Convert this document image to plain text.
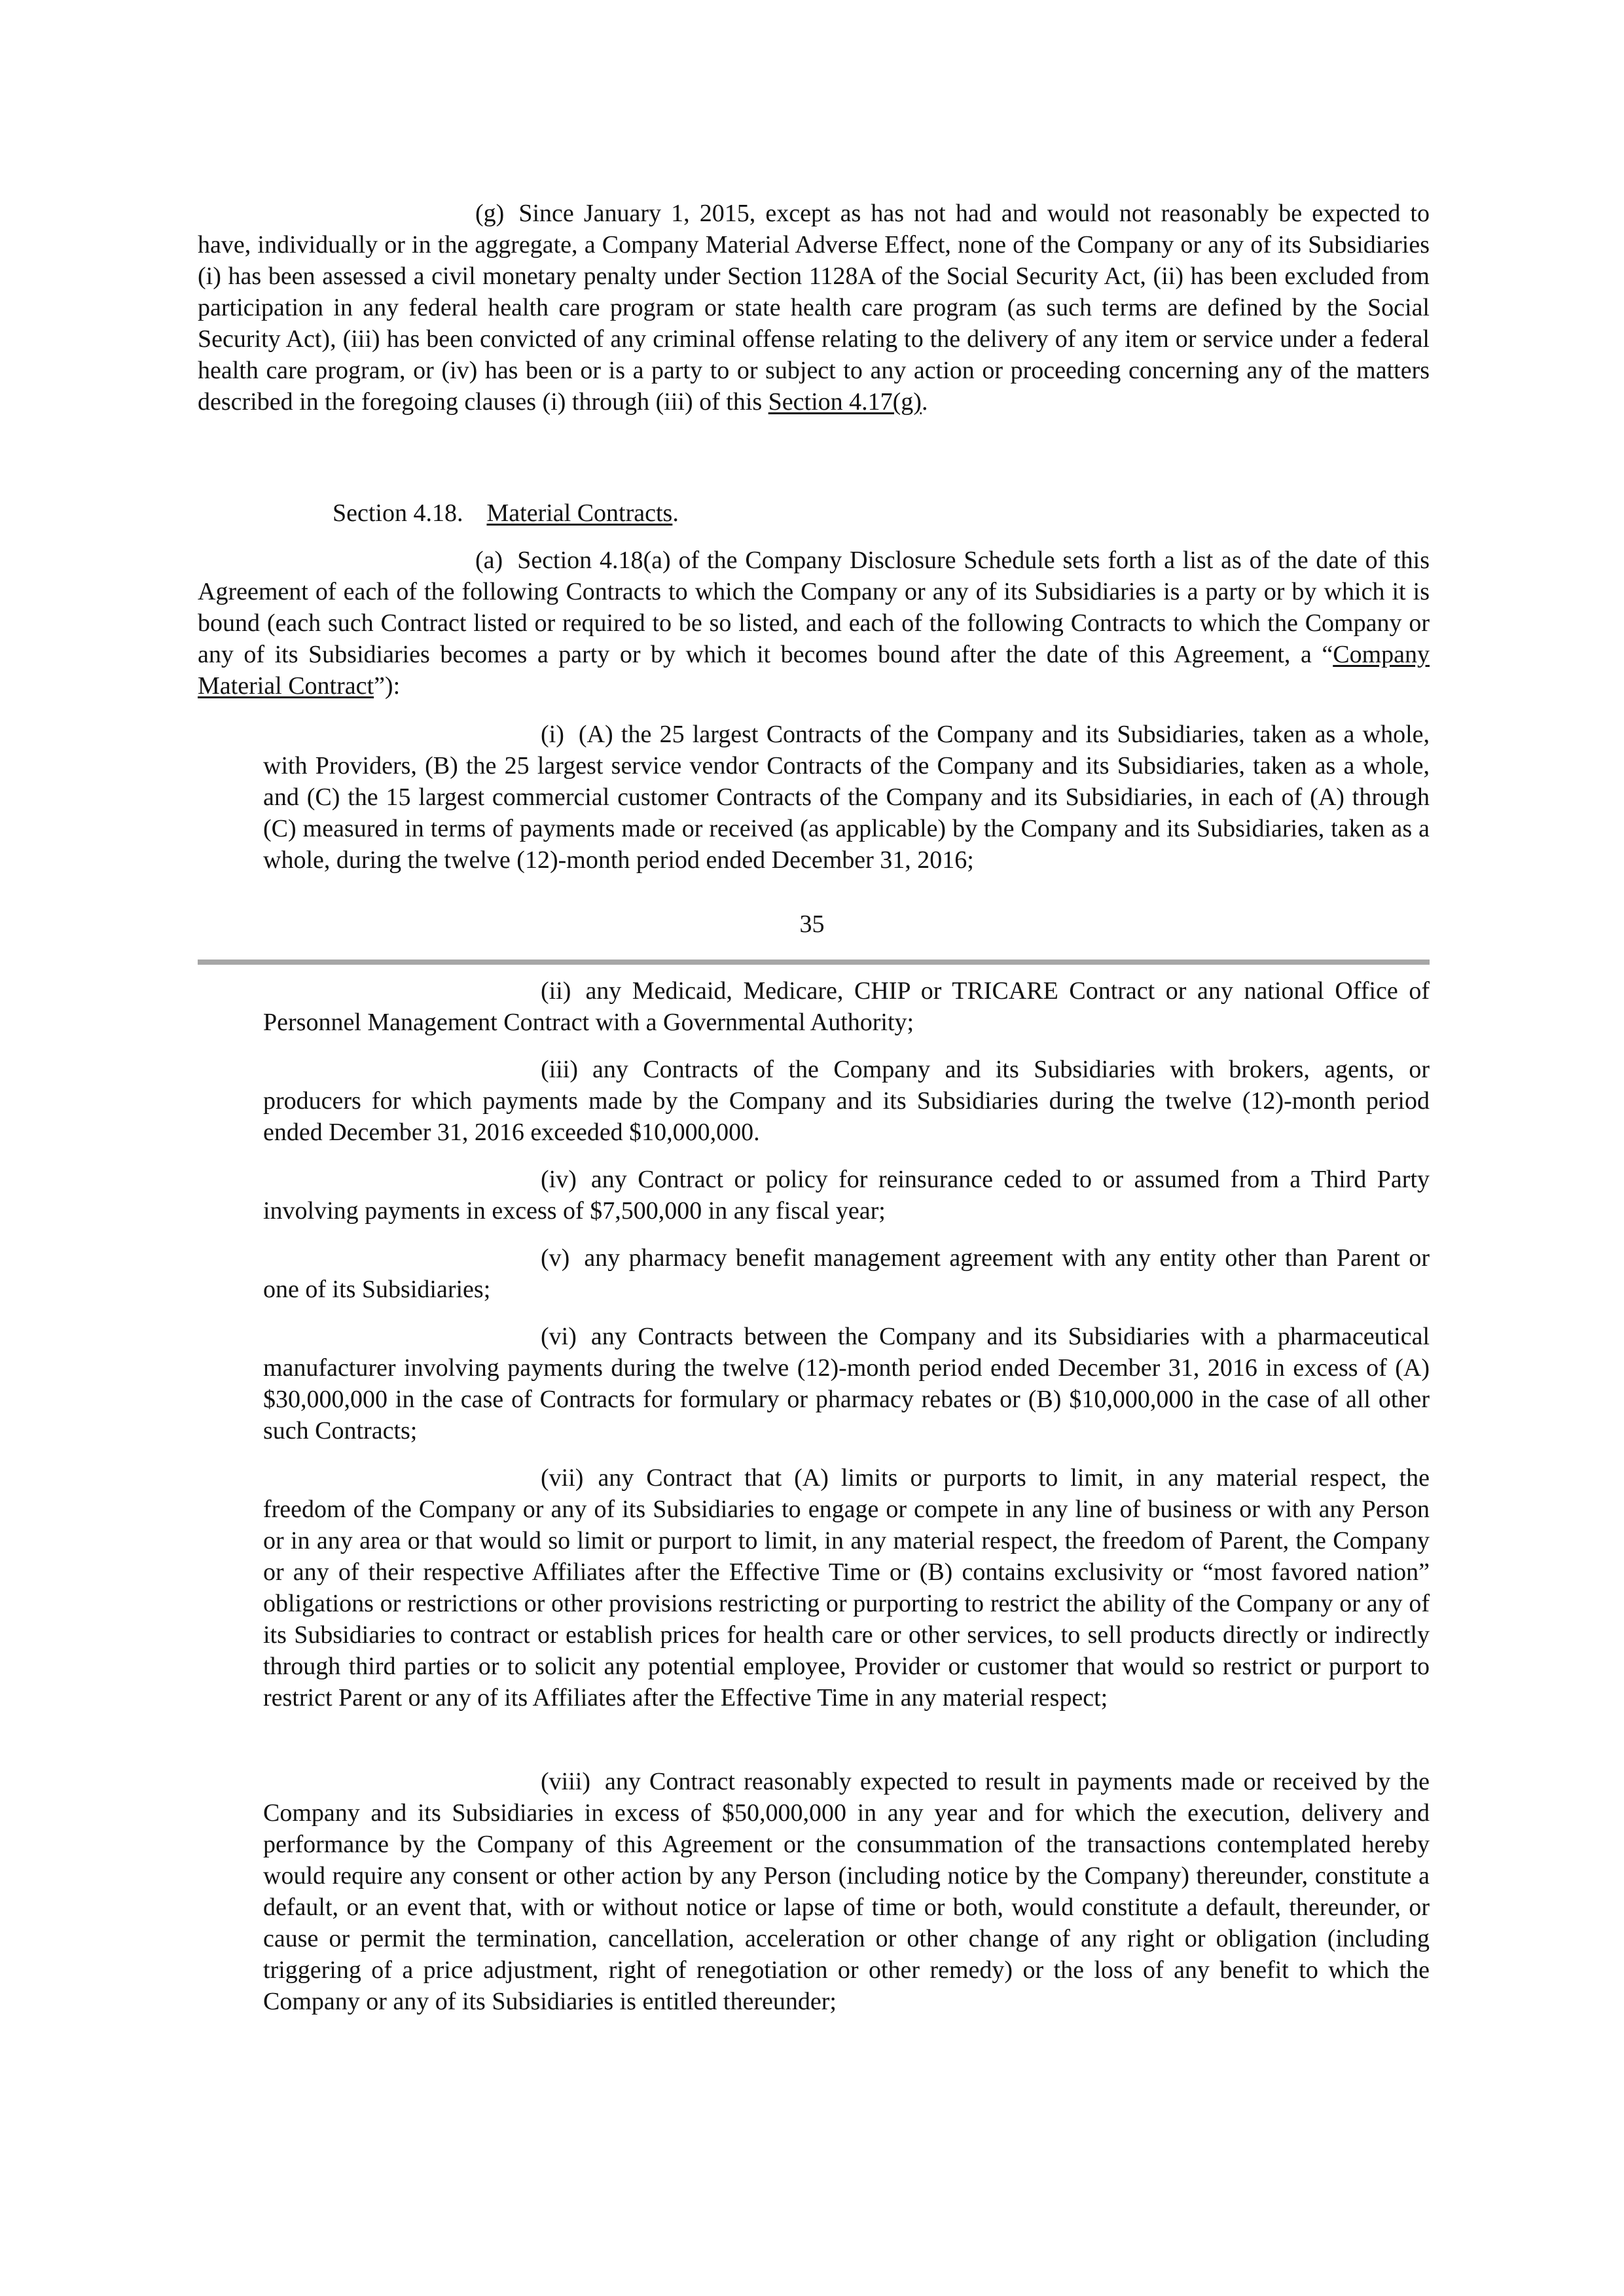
(g) Since January 1, 2015, except as has not had and would not reasonably be expected to have, individually or in the aggregate, a Company Material Adverse Effect, none of the Company or any of its Subsidiaries (i) has been assessed a civil monetary penalty under Section 1128A of the Social Security Act, (ii) has been excluded from participation in any federal health care program or state health care program (as such terms are defined by the Social Security Act), (iii) has been convicted of any criminal offense relating to the delivery of any item or service under a federal health care program, or (iv) has been or is a party to or subject to any action or proceeding concerning any of the matters described in the foregoing clauses (i) through (iii) of this Section 4.17(g).

Section 4.18. Material Contracts.

(a) Section 4.18(a) of the Company Disclosure Schedule sets forth a list as of the date of this Agreement of each of the following Contracts to which the Company or any of its Subsidiaries is a party or by which it is bound (each such Contract listed or required to be so listed, and each of the following Contracts to which the Company or any of its Subsidiaries becomes a party or by which it becomes bound after the date of this Agreement, a “Company Material Contract”):

(i) (A) the 25 largest Contracts of the Company and its Subsidiaries, taken as a whole, with Providers, (B) the 25 largest service vendor Contracts of the Company and its Subsidiaries, taken as a whole, and (C) the 15 largest commercial customer Contracts of the Company and its Subsidiaries, in each of (A) through (C) measured in terms of payments made or received (as applicable) by the Company and its Subsidiaries, taken as a whole, during the twelve (12)-month period ended December 31, 2016;

35

(ii) any Medicaid, Medicare, CHIP or TRICARE Contract or any national Office of Personnel Management Contract with a Governmental Authority;

(iii) any Contracts of the Company and its Subsidiaries with brokers, agents, or producers for which payments made by the Company and its Subsidiaries during the twelve (12)-month period ended December 31, 2016 exceeded $10,000,000.

(iv) any Contract or policy for reinsurance ceded to or assumed from a Third Party involving payments in excess of $7,500,000 in any fiscal year;

(v) any pharmacy benefit management agreement with any entity other than Parent or one of its Subsidiaries;

(vi) any Contracts between the Company and its Subsidiaries with a pharmaceutical manufacturer involving payments during the twelve (12)-month period ended December 31, 2016 in excess of (A) $30,000,000 in the case of Contracts for formulary or pharmacy rebates or (B) $10,000,000 in the case of all other such Contracts;

(vii) any Contract that (A) limits or purports to limit, in any material respect, the freedom of the Company or any of its Subsidiaries to engage or compete in any line of business or with any Person or in any area or that would so limit or purport to limit, in any material respect, the freedom of Parent, the Company or any of their respective Affiliates after the Effective Time or (B) contains exclusivity or “most favored nation” obligations or restrictions or other provisions restricting or purporting to restrict the ability of the Company or any of its Subsidiaries to contract or establish prices for health care or other services, to sell products directly or indirectly through third parties or to solicit any potential employee, Provider or customer that would so restrict or purport to restrict Parent or any of its Affiliates after the Effective Time in any material respect;

(viii) any Contract reasonably expected to result in payments made or received by the Company and its Subsidiaries in excess of $50,000,000 in any year and for which the execution, delivery and performance by the Company of this Agreement or the consummation of the transactions contemplated hereby would require any consent or other action by any Person (including notice by the Company) thereunder, constitute a default, or an event that, with or without notice or lapse of time or both, would constitute a default, thereunder, or cause or permit the termination, cancellation, acceleration or other change of any right or obligation (including triggering of a price adjustment, right of renegotiation or other remedy) or the loss of any benefit to which the Company or any of its Subsidiaries is entitled thereunder;
